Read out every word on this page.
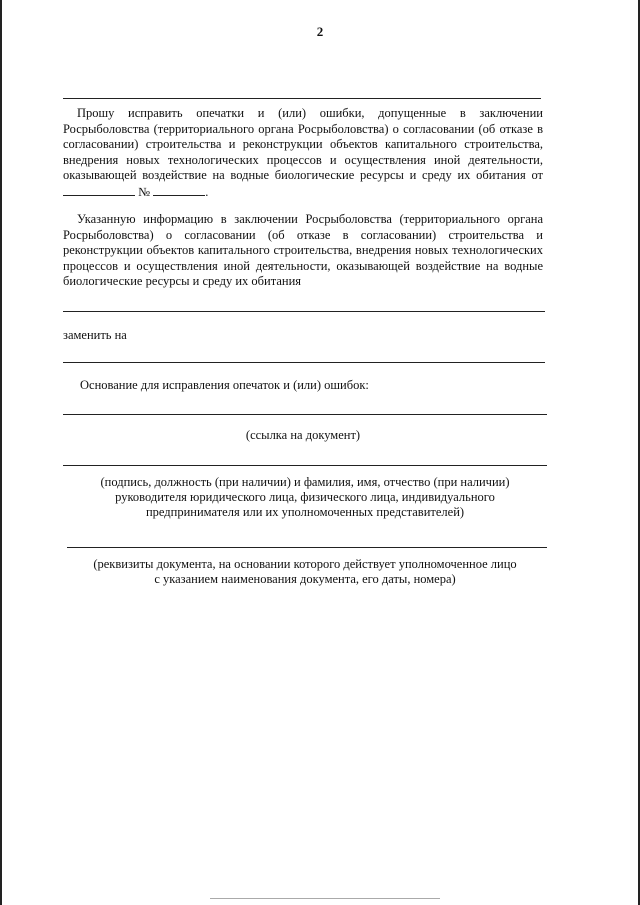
2
Прошу исправить опечатки и (или) ошибки, допущенные в заключении Росрыболовства (территориального органа Росрыболовства) о согласовании (об отказе в согласовании) строительства и реконструкции объектов капитального строительства, внедрения новых технологических процессов и осуществления иной деятельности, оказывающей воздействие на водные биологические ресурсы и среду их обитания от  №	.
Указанную информацию в заключении Росрыболовства (территориального органа Росрыболовства) о согласовании (об отказе в согласовании) строительства и реконструкции объектов капитального строительства, внедрения новых технологических процессов и осуществления иной деятельности, оказывающей воздействие на водные биологические ресурсы и среду их обитания
заменить на
Основание для исправления опечаток и (или) ошибок:
(ссылка на документ)
(подпись, должность (при наличии) и фамилия, имя, отчество (при наличии) руководителя юридического лица, физического лица, индивидуального предпринимателя или их уполномоченных представителей)
(реквизиты документа, на основании которого действует уполномоченное лицо с указанием наименования документа, его даты, номера)
